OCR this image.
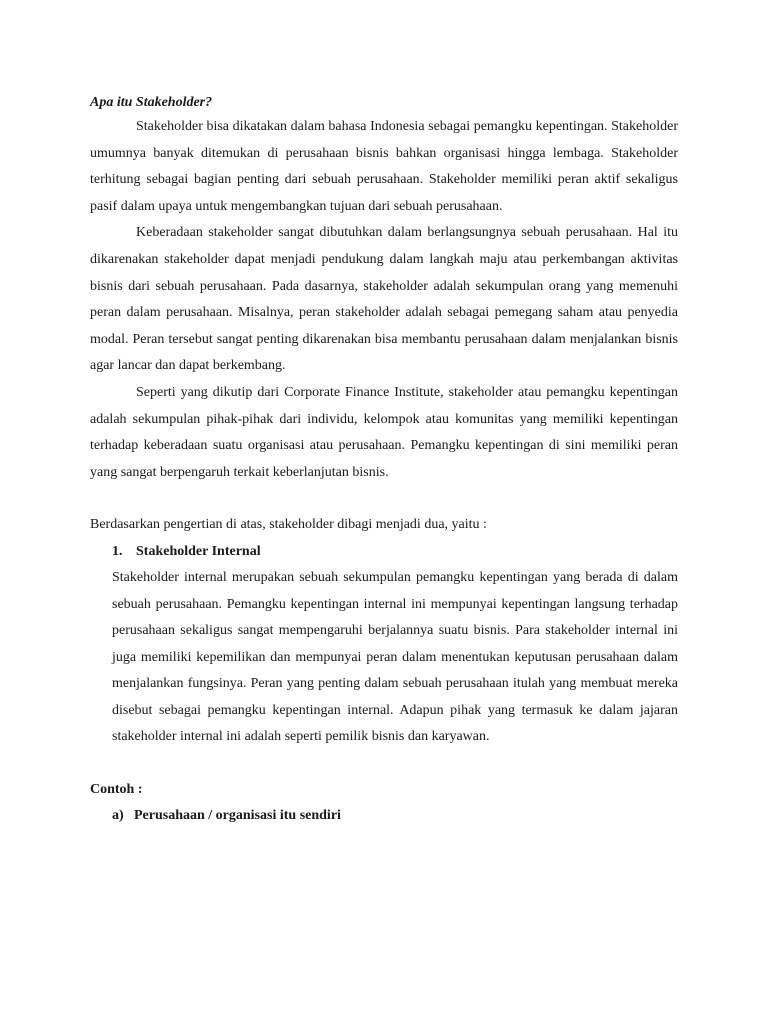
Apa itu Stakeholder?

Stakeholder bisa dikatakan dalam bahasa Indonesia sebagai pemangku kepentingan. Stakeholder umumnya banyak ditemukan di perusahaan bisnis bahkan organisasi hingga lembaga. Stakeholder terhitung sebagai bagian penting dari sebuah perusahaan. Stakeholder memiliki peran aktif sekaligus pasif dalam upaya untuk mengembangkan tujuan dari sebuah perusahaan.

Keberadaan stakeholder sangat dibutuhkan dalam berlangsungnya sebuah perusahaan. Hal itu dikarenakan stakeholder dapat menjadi pendukung dalam langkah maju atau perkembangan aktivitas bisnis dari sebuah perusahaan. Pada dasarnya, stakeholder adalah sekumpulan orang yang memenuhi peran dalam perusahaan. Misalnya, peran stakeholder adalah sebagai pemegang saham atau penyedia modal. Peran tersebut sangat penting dikarenakan bisa membantu perusahaan dalam menjalankan bisnis agar lancar dan dapat berkembang.

Seperti yang dikutip dari Corporate Finance Institute, stakeholder atau pemangku kepentingan adalah sekumpulan pihak-pihak dari individu, kelompok atau komunitas yang memiliki kepentingan terhadap keberadaan suatu organisasi atau perusahaan. Pemangku kepentingan di sini memiliki peran yang sangat berpengaruh terkait keberlanjutan bisnis.

Berdasarkan pengertian di atas, stakeholder dibagi menjadi dua, yaitu :

1. Stakeholder Internal

Stakeholder internal merupakan sebuah sekumpulan pemangku kepentingan yang berada di dalam sebuah perusahaan. Pemangku kepentingan internal ini mempunyai kepentingan langsung terhadap perusahaan sekaligus sangat mempengaruhi berjalannya suatu bisnis. Para stakeholder internal ini juga memiliki kepemilikan dan mempunyai peran dalam menentukan keputusan perusahaan dalam menjalankan fungsinya. Peran yang penting dalam sebuah perusahaan itulah yang membuat mereka disebut sebagai pemangku kepentingan internal. Adapun pihak yang termasuk ke dalam jajaran stakeholder internal ini adalah seperti pemilik bisnis dan karyawan.

Contoh :

a) Perusahaan / organisasi itu sendiri
